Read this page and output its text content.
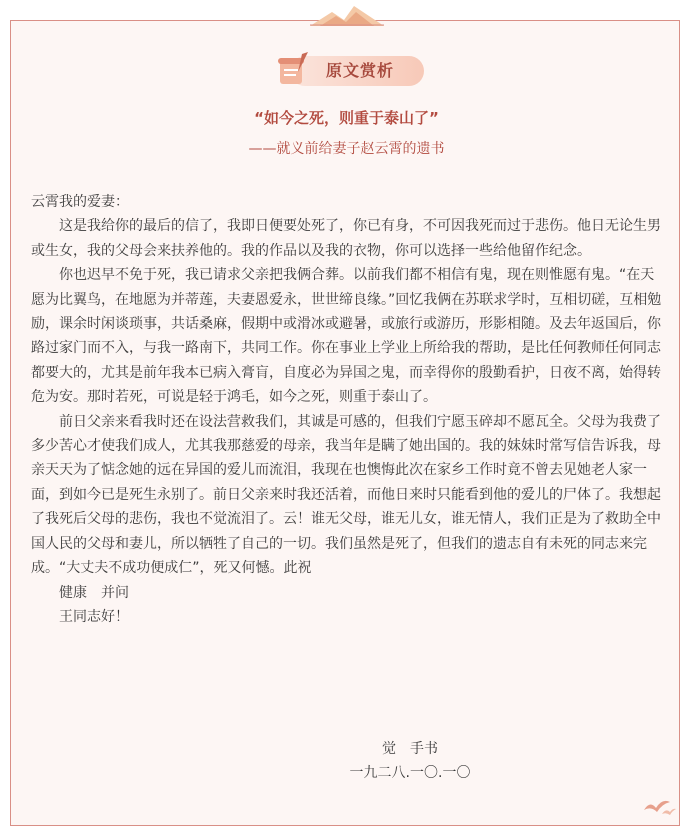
原文赏析
“如今之死，则重于泰山了”
——就义前给妻子赵云霄的遗书

云霄我的爱妻：

这是我给你的最后的信了，我即日便要处死了，你已有身，不可因我死而过于悲伤。他日无论生男或生女，我的父母会来扶养他的。我的作品以及我的衣物，你可以选择一些给他留作纪念。

你也迟早不免于死，我已请求父亲把我俩合葬。以前我们都不相信有鬼，现在则惟愿有鬼。“在天愿为比翼鸟，在地愿为并蒂莲，夫妻恩爱永，世世缔良缘。”回忆我俩在苏联求学时，互相切磋，互相勉励，课余时闲谈琐事，共话桑麻，假期中或滑冰或避暑，或旅行或游历，形影相随。及去年返国后，你路过家门而不入，与我一路南下，共同工作。你在事业上学业上所给我的帮助，是比任何教师任何同志都要大的，尤其是前年我本已病入膏肓，自度必为异国之鬼，而幸得你的殷勤看护，日夜不离，始得转危为安。那时若死，可说是轻于鸿毛，如今之死，则重于泰山了。

前日父亲来看我时还在设法营救我们，其诚是可感的，但我们宁愿玉碎却不愿瓦全。父母为我费了多少苦心才使我们成人，尤其我那慈爱的母亲，我当年是瞒了她出国的。我的妹妹时常写信告诉我，母亲天天为了惦念她的远在异国的爱儿而流泪，我现在也懊悔此次在家乡工作时竟不曾去见她老人家一面，到如今已是死生永别了。前日父亲来时我还活着，而他日来时只能看到他的爱儿的尸体了。我想起了我死后父母的悲伤，我也不觉流泪了。云！谁无父母，谁无儿女，谁无情人，我们正是为了救助全中国人民的父母和妻儿，所以牺牲了自己的一切。我们虽然是死了，但我们的遗志自有未死的同志来完成。“大丈夫不成功便成仁”，死又何憾。此祝

健康　并问

王同志好！

觉　手书
一九二八.一〇.一〇
